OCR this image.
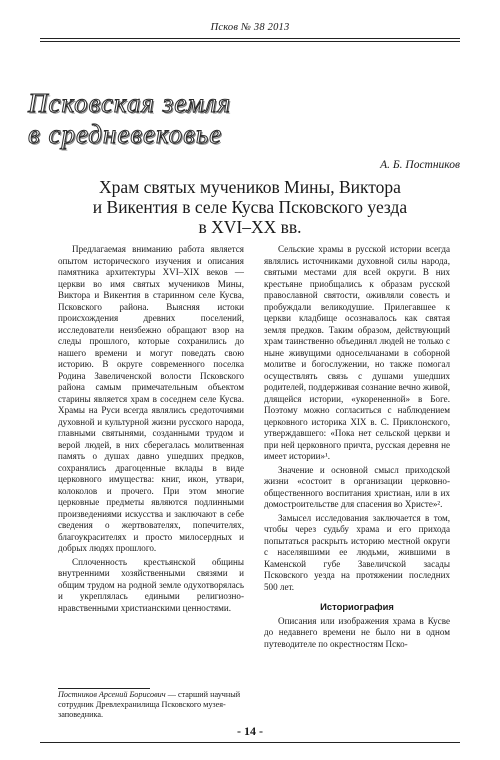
Псков № 38 2013
Псковская земля
в средневековье
А. Б. Постников
Храм святых мучеников Мины, Виктора
и Викентия в селе Кусва Псковского уезда
в XVI–XX вв.

Предлагаемая вниманию работа является опытом исторического изучения и описания памятника архитектуры XVI–XIX веков — церкви во имя святых мучеников Мины, Виктора и Викентия в старинном селе Кусва, Псковского района. Выясняя истоки происхождения древних поселений, исследователи неизбежно обращают взор на следы прошлого, которые сохранились до нашего времени и могут поведать свою историю. В округе современного поселка Родина Завеличенской волости Псковского района самым примечательным объектом старины является храм в соседнем селе Кусва. Храмы на Руси всегда являлись средоточиями духовной и культурной жизни русского народа, главными святынями, созданными трудом и верой людей, в них сберегалась молитвенная память о душах давно ушедших предков, сохранялись драгоценные вклады в виде церковного имущества: книг, икон, утвари, колоколов и прочего. При этом многие церковные предметы являются подлинными произведениями искусства и заключают в себе сведения о жертвователях, попечителях, благоукрасителях и просто милосердных и добрых людях прошлого.

Сплоченность крестьянской общины внутренними хозяйственными связями и общим трудом на родной земле одухотворялась и укреплялась едиными религиозно-нравственными христианскими ценностями.

Сельские храмы в русской истории всегда являлись источниками духовной силы народа, святыми местами для всей округи. В них крестьяне приобщались к образам русской православной святости, оживляли совесть и пробуждали великодушие. Прилегавшее к церкви кладбище осознавалось как святая земля предков. Таким образом, действующий храм таинственно объединял людей не только с ныне живущими односельчанами в соборной молитве и богослужении, но также помогал осуществлять связь с душами ушедших родителей, поддерживая сознание вечно живой, длящейся истории, «укорененной» в Боге. Поэтому можно согласиться с наблюдением церковного историка XIX в. С. Приклонского, утверждавшего: «Пока нет сельской церкви и при ней церковного причта, русская деревня не имеет истории»¹.

Значение и основной смысл приходской жизни «состоит в организации церковно-общественного воспитания христиан, или в их домостроительстве для спасения во Христе»².

Замысел исследования заключается в том, чтобы через судьбу храма и его прихода попытаться раскрыть историю местной округи с населявшими ее людьми, жившими в Каменской губе Завеличской засады Псковского уезда на протяжении последних 500 лет.

Историография

Описания или изображения храма в Кусве до недавнего времени не было ни в одном путеводителе по окрестностям Пско-

Постников Арсений Борисович — старший научный сотрудник Древлехранилища Псковского музея-заповедника.
- 14 -
